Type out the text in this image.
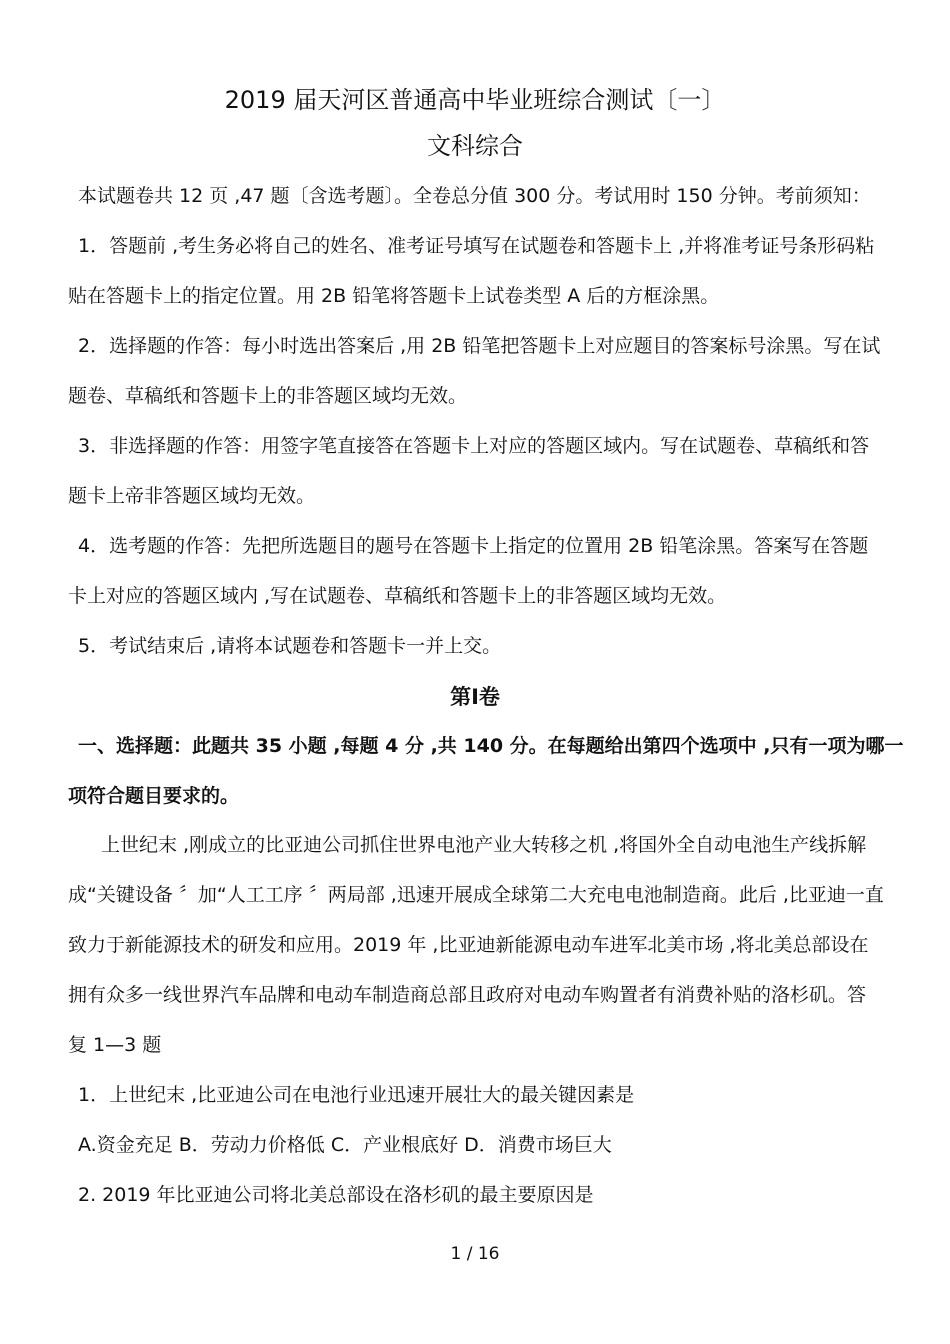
2019 届天河区普通高中毕业班综合测试〔一〕
文科综合
本试题卷共 12 页 ,47 题〔含选考题〕。全卷总分值 300 分。考试用时 150 分钟。考前须知：
1．答题前 ,考生务必将自己的姓名、准考证号填写在试题卷和答题卡上 ,并将准考证号条形码粘
贴在答题卡上的指定位置。用 2B 铅笔将答题卡上试卷类型 A 后的方框涂黑。
2．选择题的作答：每小时选出答案后 ,用 2B 铅笔把答题卡上对应题目的答案标号涂黑。写在试
题卷、草稿纸和答题卡上的非答题区域均无效。
3．非选择题的作答：用签字笔直接答在答题卡上对应的答题区域内。写在试题卷、草稿纸和答
题卡上帝非答题区域均无效。
4．选考题的作答：先把所选题目的题号在答题卡上指定的位置用 2B 铅笔涂黑。答案写在答题
卡上对应的答题区域内 ,写在试题卷、草稿纸和答题卡上的非答题区域均无效。
5．考试结束后 ,请将本试题卷和答题卡一并上交。
第Ⅰ卷
一、选择题：此题共 35 小题 ,每题 4 分 ,共 140 分。在每题给出第四个选项中 ,只有一项为哪一
项符合题目要求的。
上世纪末 ,刚成立的比亚迪公司抓住世界电池产业大转移之机 ,将国外全自动电池生产线拆解
成“关键设备 〞加“人工工序 〞两局部 ,迅速开展成全球第二大充电电池制造商。此后 ,比亚迪一直
致力于新能源技术的研发和应用。2019 年 ,比亚迪新能源电动车进军北美市场 ,将北美总部设在
拥有众多一线世界汽车品牌和电动车制造商总部且政府对电动车购置者有消费补贴的洛杉矶。答
复 1—3 题
1．上世纪末 ,比亚迪公司在电池行业迅速开展壮大的最关键因素是
A.资金充足 B．劳动力价格低 C．产业根底好 D．消费市场巨大
2. 2019 年比亚迪公司将北美总部设在洛杉矶的最主要原因是
1 / 16
